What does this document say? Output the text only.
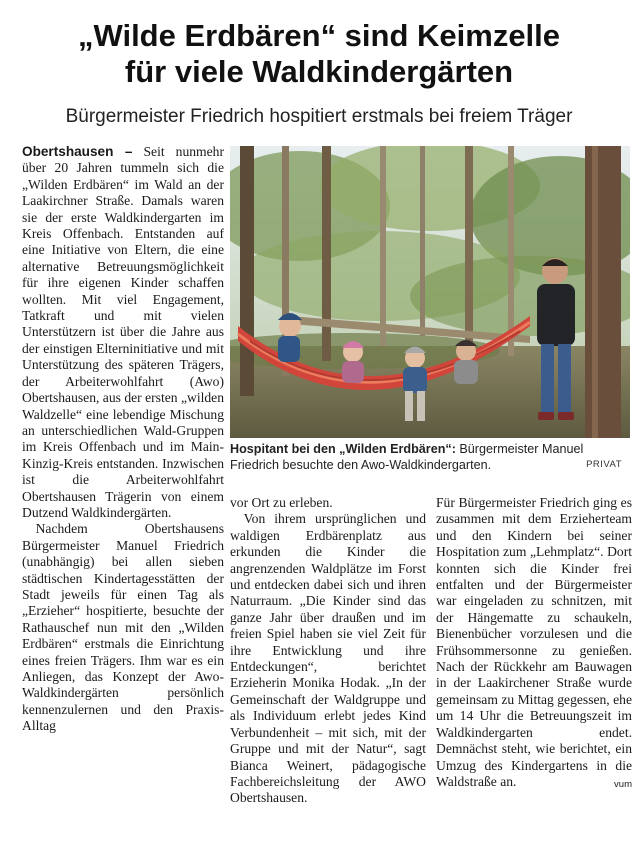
„Wilde Erdbären“ sind Keimzelle
für viele Waldkindergärten
Bürgermeister Friedrich hospitiert erstmals bei freiem Träger

Obertshausen – Seit nunmehr über 20 Jahren tummeln sich die „Wilden Erdbären“ im Wald an der Laakirchner Straße. Damals waren sie der erste Waldkindergarten im Kreis Offenbach. Entstanden auf eine Initiative von Eltern, die eine alternative Betreuungsmöglichkeit für ihre eigenen Kinder schaffen wollten. Mit viel Engagement, Tatkraft und mit vielen Unterstützern ist über die Jahre aus der einstigen Elterninitiative und mit Unterstützung des späteren Trägers, der Arbeiterwohlfahrt (Awo) Obertshausen, aus der ersten „wilden Waldzelle“ eine lebendige Mischung an unterschiedlichen Wald-Gruppen im Kreis Offenbach und im Main-Kinzig-Kreis entstanden. Inzwischen ist die Arbeiterwohlfahrt Obertshausen Trägerin von einem Dutzend Waldkindergärten.

Nachdem Obertshausens Bürgermeister Manuel Friedrich (unabhängig) bei allen sieben städtischen Kindertagesstätten der Stadt jeweils für einen Tag als „Erzieher“ hospitierte, besuchte der Rathauschef nun mit den „Wilden Erdbären“ erstmals die Einrichtung eines freien Trägers. Ihm war es ein Anliegen, das Konzept der Awo-Waldkindergärten persönlich kennenzulernen und den Praxis-Alltag

Hospitant bei den „Wilden Erdbären“: Bürgermeister Manuel Friedrich besuchte den Awo-Waldkindergarten.	PRIVAT

vor Ort zu erleben.

Von ihrem ursprünglichen und waldigen Erdbärenplatz aus erkunden die Kinder die angrenzenden Waldplätze im Forst und entdecken dabei sich und ihren Naturraum. „Die Kinder sind das ganze Jahr über draußen und im freien Spiel haben sie viel Zeit für ihre Entwicklung und ihre Entdeckungen“, berichtet Erzieherin Monika Hodak. „In der Gemeinschaft der Waldgruppe und als Individuum erlebt jedes Kind Verbundenheit – mit sich, mit der Gruppe und mit der Natur“, sagt Bianca Weinert, pädagogische Fachbereichsleitung der AWO Obertshausen.

Für Bürgermeister Friedrich ging es zusammen mit dem Erzieherteam und den Kindern bei seiner Hospitation zum „Lehmplatz“. Dort konnten sich die Kinder frei entfalten und der Bürgermeister war eingeladen zu schnitzen, mit der Hängematte zu schaukeln, Bienenbücher vorzulesen und die Frühsommersonne zu genießen. Nach der Rückkehr am Bauwagen in der Laakirchener Straße wurde gemeinsam zu Mittag gegessen, ehe um 14 Uhr die Betreuungszeit im Waldkindergarten endet. Demnächst steht, wie berichtet, ein Umzug des Kindergartens in die Waldstraße an.	vum
